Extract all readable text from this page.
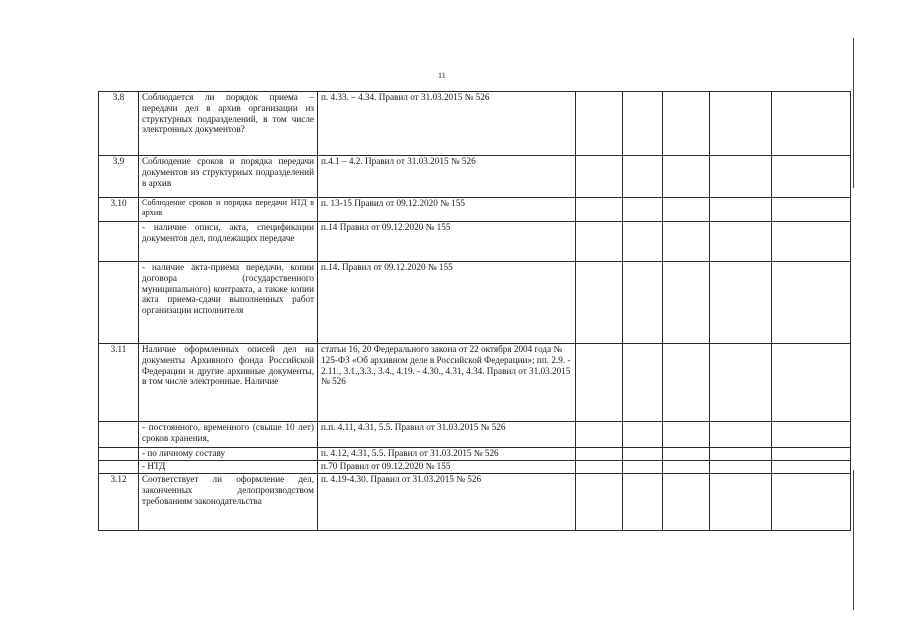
11
3.8	Соблюдается ли порядок приема – передачи дел в архив организации из структурных подразделений, в том числе электронных документов?	п. 4.33. – 4.34. Правил от 31.03.2015 № 526					
3.9	Соблюдение сроков и порядка передачи документов из структурных подразделений в архив	п.4.1 – 4.2. Правил от 31.03.2015 № 526					
3.10	Соблюдение сроков и порядка передачи НТД в архив	п. 13-15 Правил от 09.12.2020 № 155					
	- наличие описи, акта, спецификации документов дел, подлежащих передаче	п.14 Правил от 09.12.2020 № 155					
	- наличие акта-приема передачи, копии договора (государственного муниципального) контракта, а также копии акта приема-сдачи выполненных работ организации исполнителя	п.14. Правил от 09.12.2020 № 155					
3.11	Наличие оформленных описей дел на документы Архивного фонда Российской Федерации и другие архивные документы, в том числе электронные. Наличие	статьи 16, 20 Федерального закона от 22 октября 2004 года № 125-ФЗ «Об архивном деле в Российской Федерации»; пп. 2.9. - 2.11., 3.1.,3.3., 3.4., 4.19. - 4.30., 4.31, 4.34. Правил от 31.03.2015 № 526					
	- постоянного, временного (свыше 10 лет) сроков хранения,	п.п. 4.11, 4.31, 5.5. Правил от 31.03.2015 № 526					
	- по личному составу	п. 4.12, 4.31, 5.5. Правил от 31.03.2015 № 526					
	- НТД	п.70 Правил от 09.12.2020 № 155					
3.12	Соответствует ли оформление дел, законченных делопроизводством требованиям законодательства	п. 4.19-4.30. Правил от 31.03.2015 № 526					
